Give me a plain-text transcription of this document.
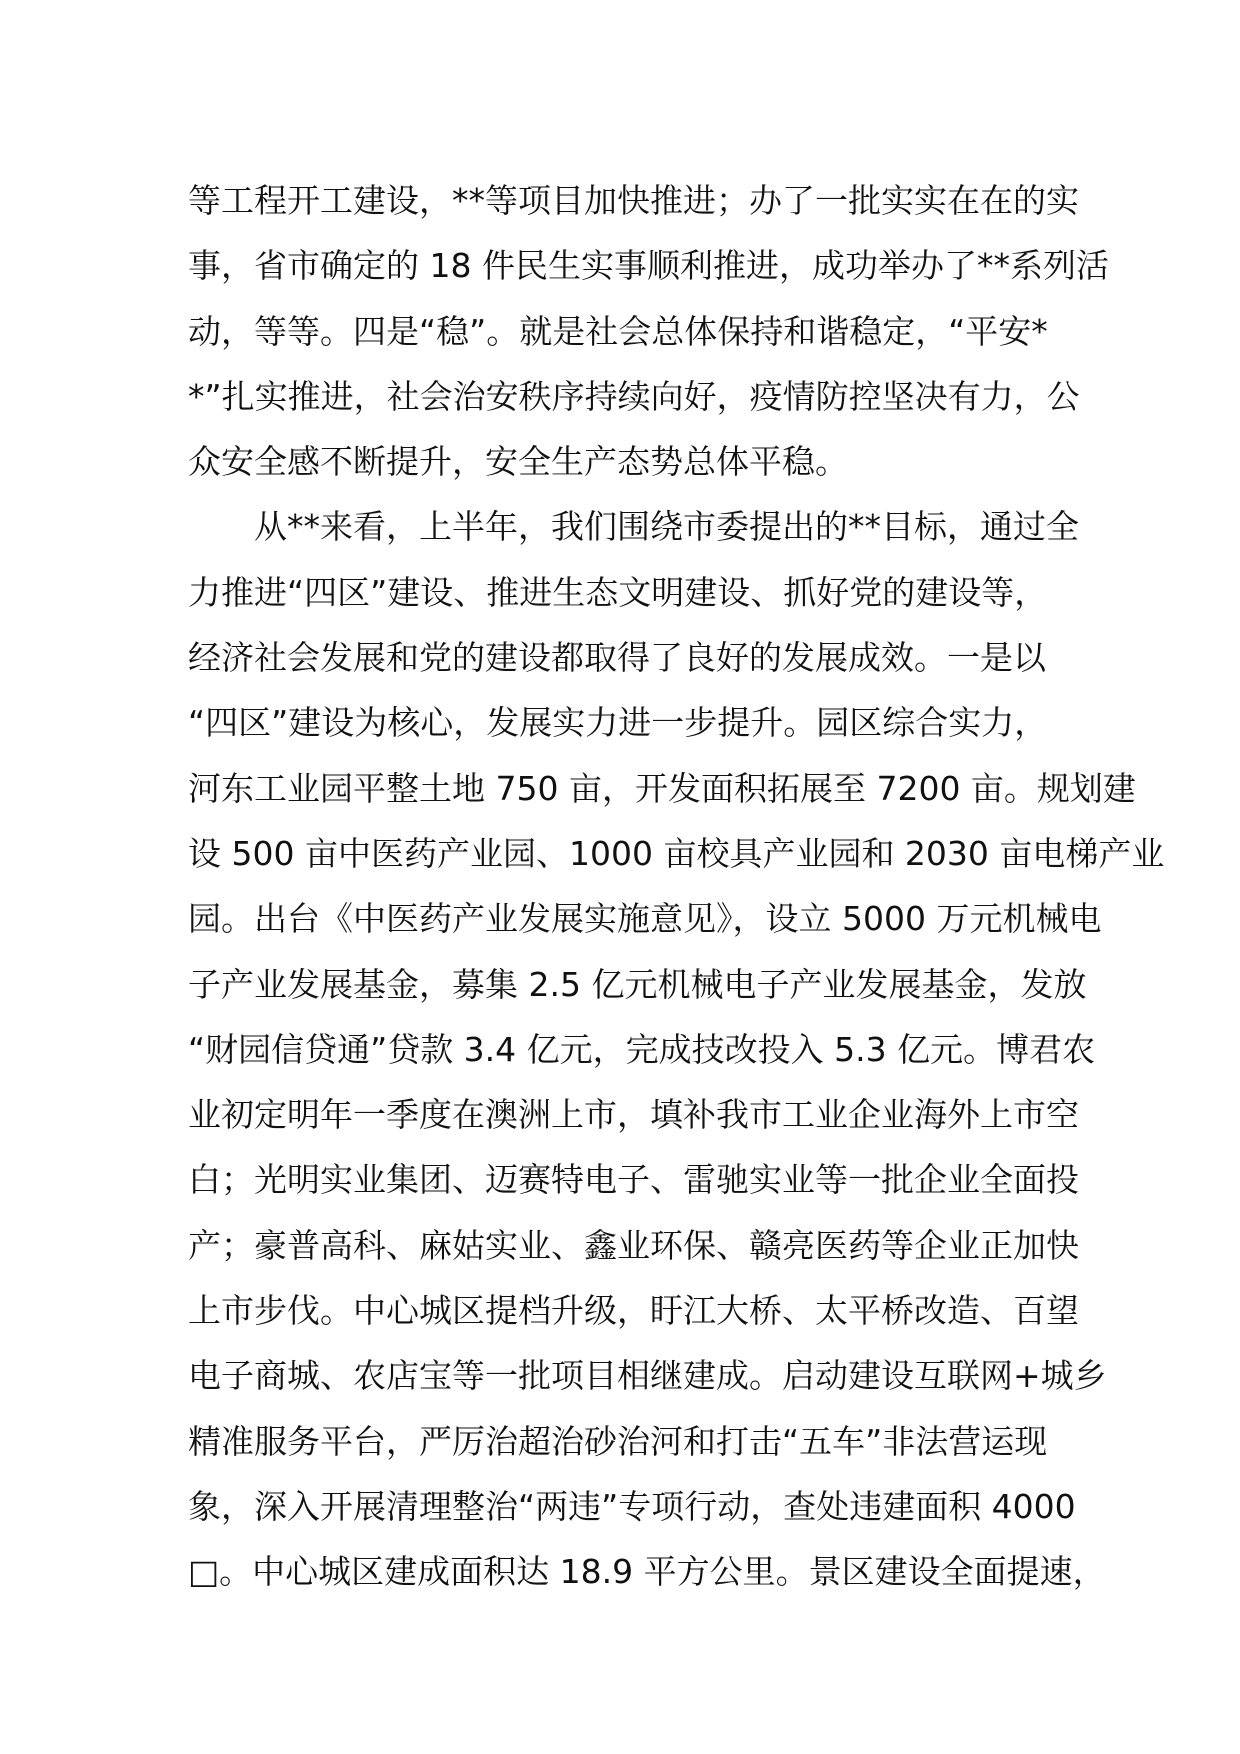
等工程开工建设，**等项目加快推进；办了一批实实在在的实
事，省市确定的 18 件民生实事顺利推进，成功举办了**系列活
动，等等。四是“稳”。就是社会总体保持和谐稳定，“平安*
*”扎实推进，社会治安秩序持续向好，疫情防控坚决有力，公
众安全感不断提升，安全生产态势总体平稳。
从**来看，上半年，我们围绕市委提出的**目标，通过全
力推进“四区”建设、推进生态文明建设、抓好党的建设等，
经济社会发展和党的建设都取得了良好的发展成效。一是以
“四区”建设为核心，发展实力进一步提升。园区综合实力，
河东工业园平整土地 750 亩，开发面积拓展至 7200 亩。规划建
设 500 亩中医药产业园、1000 亩校具产业园和 2030 亩电梯产业
园。出台《中医药产业发展实施意见》，设立 5000 万元机械电
子产业发展基金，募集 2.5 亿元机械电子产业发展基金，发放
“财园信贷通”贷款 3.4 亿元，完成技改投入 5.3 亿元。博君农
业初定明年一季度在澳洲上市，填补我市工业企业海外上市空
白；光明实业集团、迈赛特电子、雷驰实业等一批企业全面投
产；豪普高科、麻姑实业、鑫业环保、赣亮医药等企业正加快
上市步伐。中心城区提档升级，盱江大桥、太平桥改造、百望
电子商城、农店宝等一批项目相继建成。启动建设互联网+城乡
精准服务平台，严厉治超治砂治河和打击“五车”非法营运现
象，深入开展清理整治“两违”专项行动，查处违建面积 4000
□。中心城区建成面积达 18.9 平方公里。景区建设全面提速，
